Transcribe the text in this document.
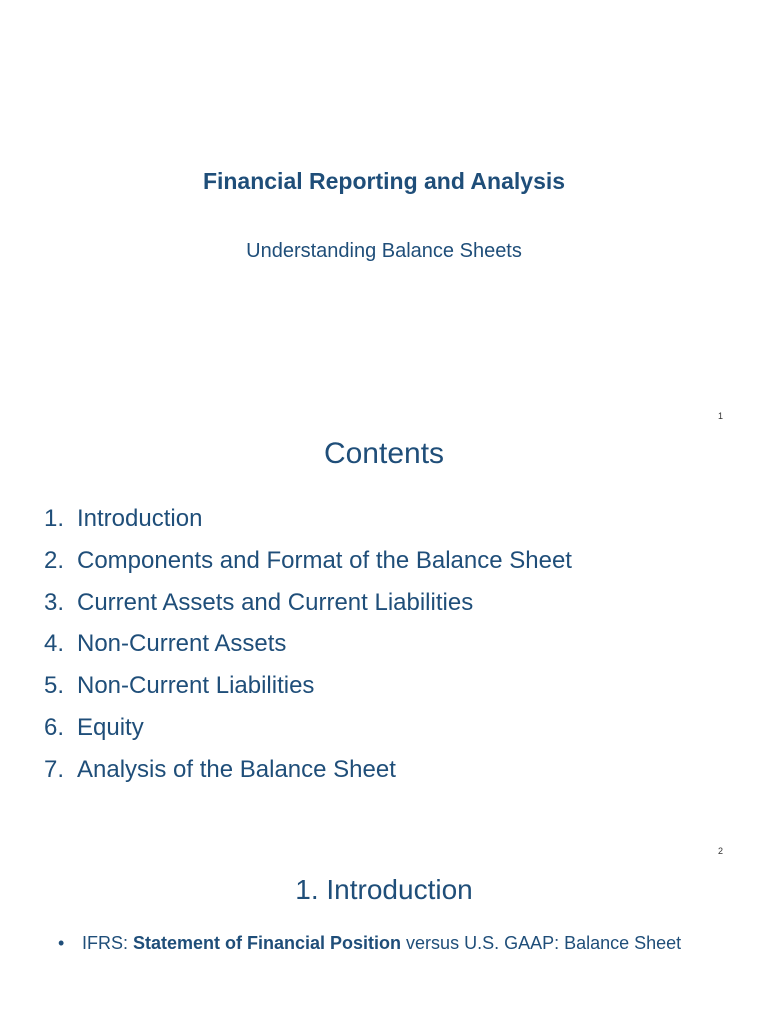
Financial Reporting and Analysis
Understanding Balance Sheets
1
Contents
1. Introduction
2. Components and Format of the Balance Sheet
3. Current Assets and Current Liabilities
4. Non-Current Assets
5. Non-Current Liabilities
6. Equity
7. Analysis of the Balance Sheet
2
1. Introduction
• IFRS: Statement of Financial Position versus U.S. GAAP: Balance Sheet
